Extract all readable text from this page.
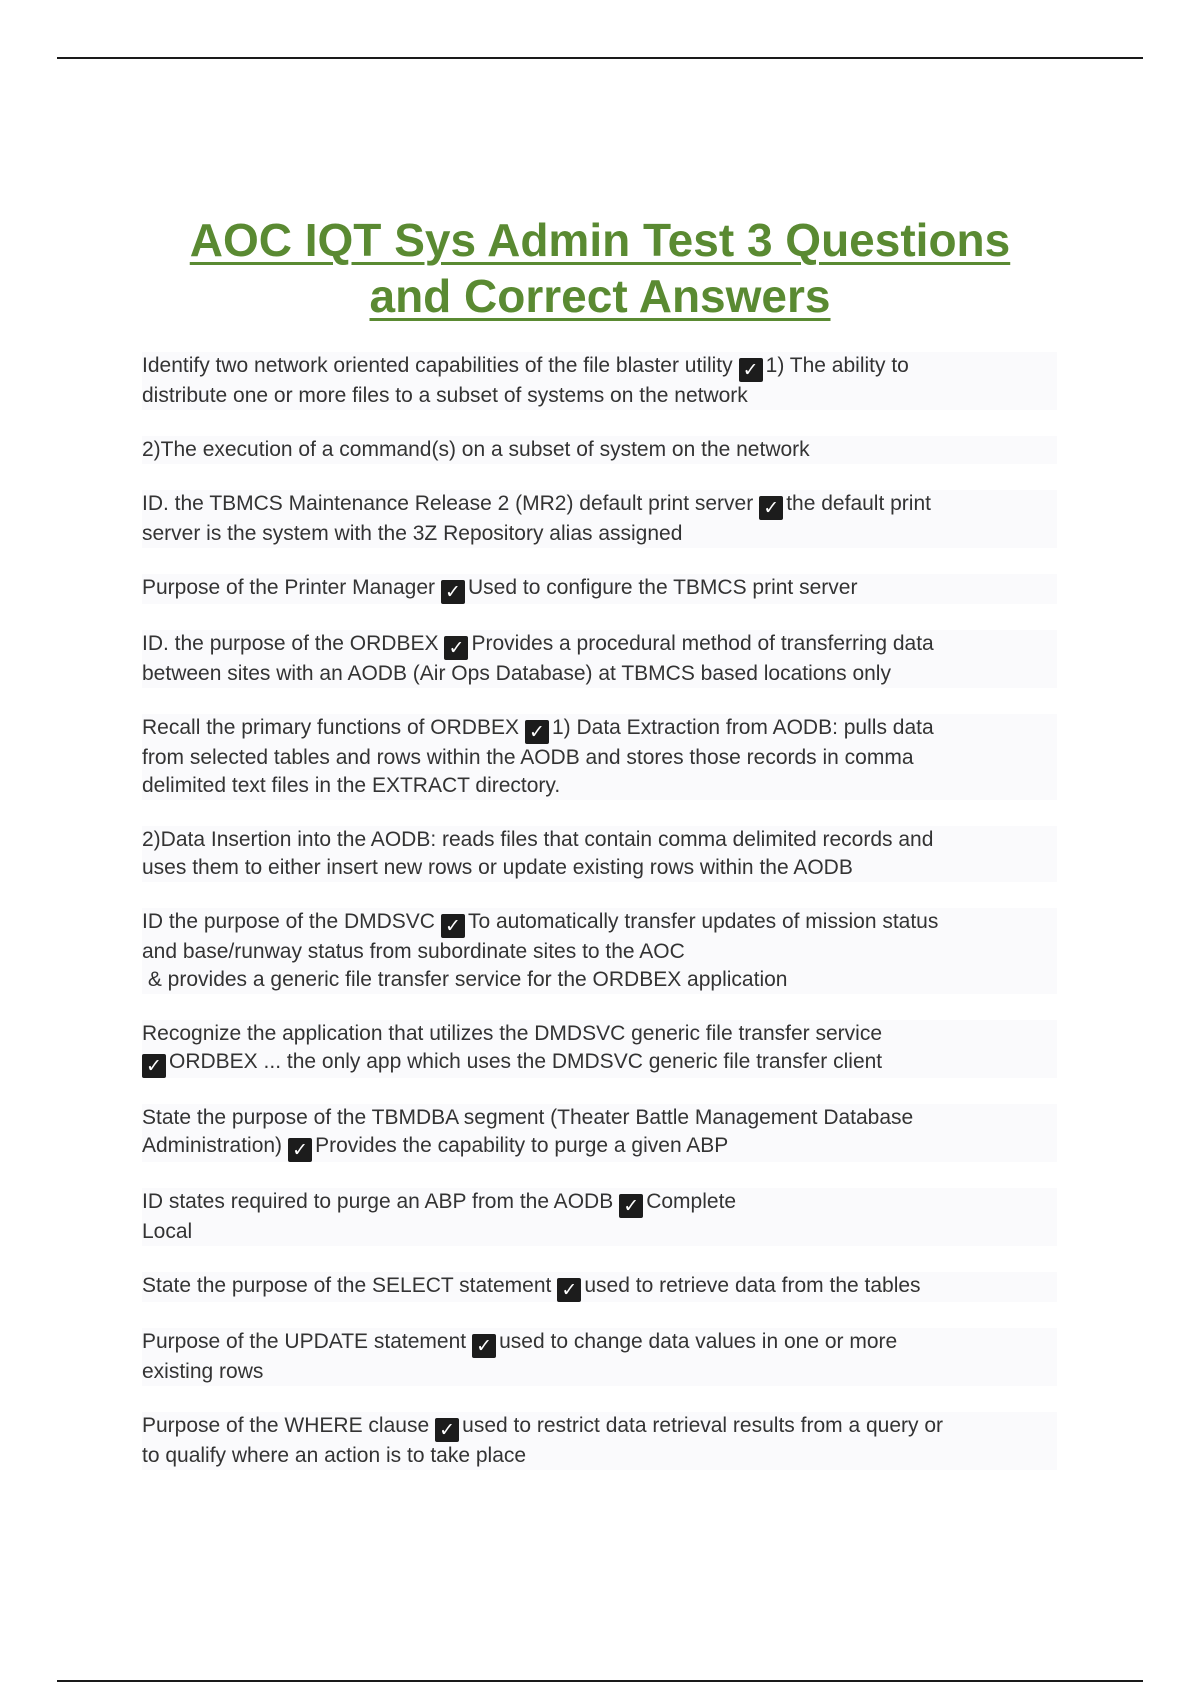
AOC IQT Sys Admin Test 3 Questions
and Correct Answers

Identify two network oriented capabilities of the file blaster utility ✓ 1) The ability to
distribute one or more files to a subset of systems on the network

2)The execution of a command(s) on a subset of system on the network

ID. the TBMCS Maintenance Release 2 (MR2) default print server ✓ the default print
server is the system with the 3Z Repository alias assigned

Purpose of the Printer Manager ✓ Used to configure the TBMCS print server

ID. the purpose of the ORDBEX ✓ Provides a procedural method of transferring data
between sites with an AODB (Air Ops Database) at TBMCS based locations only

Recall the primary functions of ORDBEX ✓ 1) Data Extraction from AODB: pulls data
from selected tables and rows within the AODB and stores those records in comma
delimited text files in the EXTRACT directory.

2)Data Insertion into the AODB: reads files that contain comma delimited records and
uses them to either insert new rows or update existing rows within the AODB

ID the purpose of the DMDSVC ✓ To automatically transfer updates of mission status
and base/runway status from subordinate sites to the AOC
& provides a generic file transfer service for the ORDBEX application

Recognize the application that utilizes the DMDSVC generic file transfer service
✓ ORDBEX ... the only app which uses the DMDSVC generic file transfer client

State the purpose of the TBMDBA segment (Theater Battle Management Database
Administration) ✓ Provides the capability to purge a given ABP

ID states required to purge an ABP from the AODB ✓ Complete
Local

State the purpose of the SELECT statement ✓ used to retrieve data from the tables

Purpose of the UPDATE statement ✓ used to change data values in one or more
existing rows

Purpose of the WHERE clause ✓ used to restrict data retrieval results from a query or
to qualify where an action is to take place
